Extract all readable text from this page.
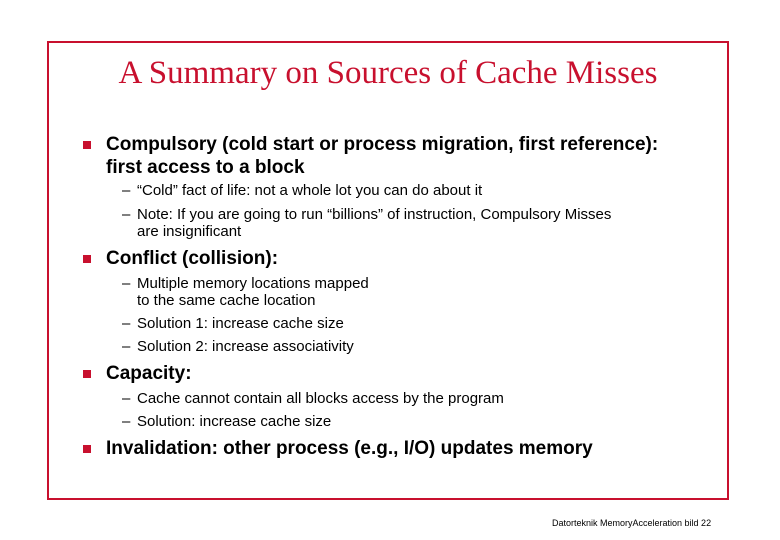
A Summary on Sources of Cache Misses
Compulsory (cold start or process migration, first reference):
first access to a block
– “Cold” fact of life: not a whole lot you can do about it
– Note: If you are going to run “billions” of instruction, Compulsory Misses
are insignificant
Conflict (collision):
– Multiple memory locations mapped
to the same cache location
– Solution 1: increase cache size
– Solution 2: increase associativity
Capacity:
– Cache cannot contain all blocks access by the program
– Solution: increase cache size
Invalidation: other process (e.g., I/O) updates memory
Datorteknik MemoryAcceleration bild 22
